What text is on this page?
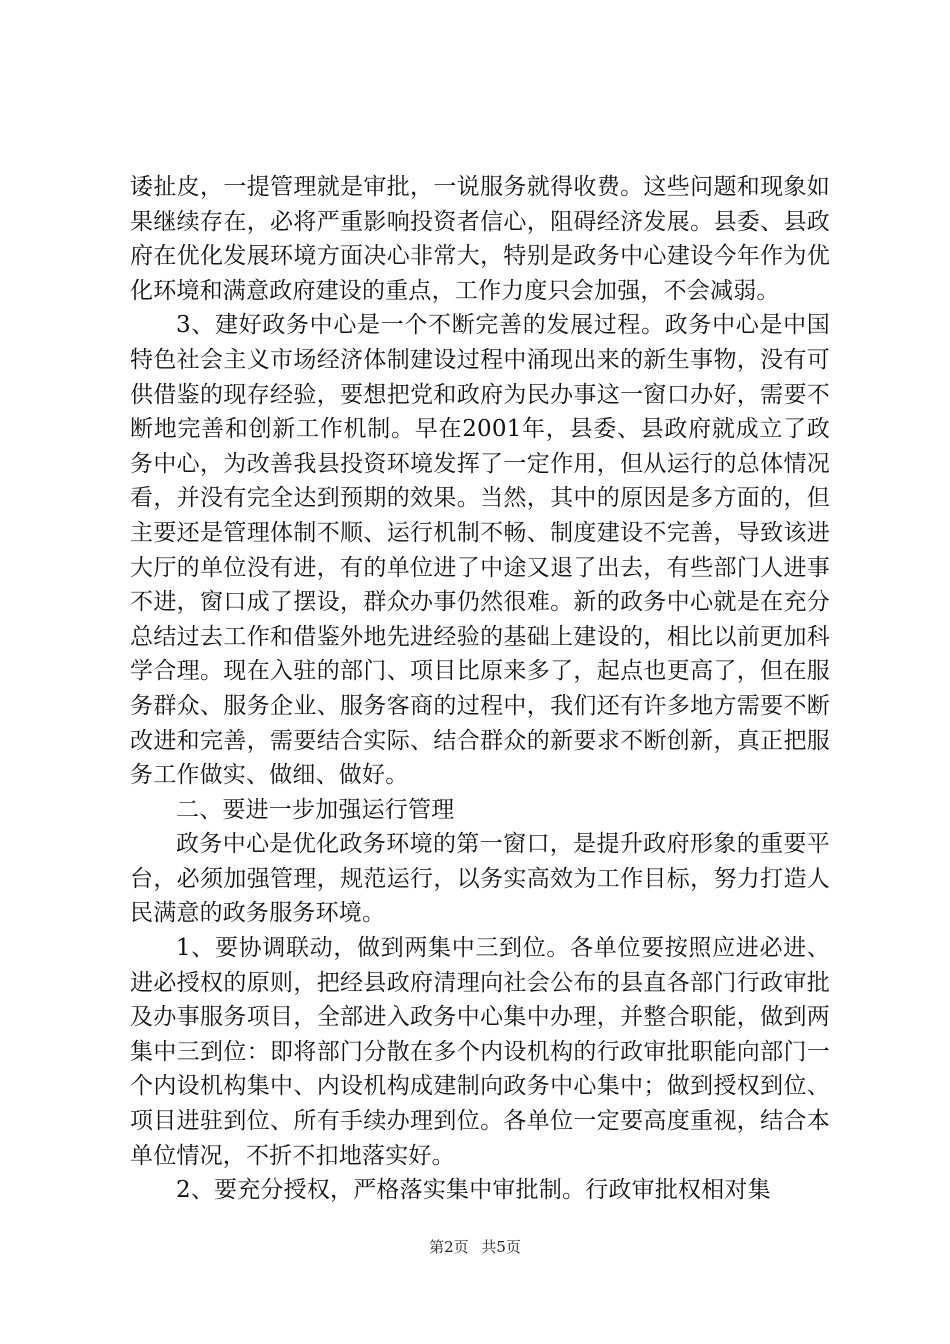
诿扯皮，一提管理就是审批，一说服务就得收费。这些问题和现象如果继续存在，必将严重影响投资者信心，阻碍经济发展。县委、县政府在优化发展环境方面决心非常大，特别是政务中心建设今年作为优化环境和满意政府建设的重点，工作力度只会加强，不会减弱。

3、建好政务中心是一个不断完善的发展过程。政务中心是中国特色社会主义市场经济体制建设过程中涌现出来的新生事物，没有可供借鉴的现存经验，要想把党和政府为民办事这一窗口办好，需要不断地完善和创新工作机制。早在2001年，县委、县政府就成立了政务中心，为改善我县投资环境发挥了一定作用，但从运行的总体情况看，并没有完全达到预期的效果。当然，其中的原因是多方面的，但主要还是管理体制不顺、运行机制不畅、制度建设不完善，导致该进大厅的单位没有进，有的单位进了中途又退了出去，有些部门人进事不进，窗口成了摆设，群众办事仍然很难。新的政务中心就是在充分总结过去工作和借鉴外地先进经验的基础上建设的，相比以前更加科学合理。现在入驻的部门、项目比原来多了，起点也更高了，但在服务群众、服务企业、服务客商的过程中，我们还有许多地方需要不断改进和完善，需要结合实际、结合群众的新要求不断创新，真正把服务工作做实、做细、做好。

二、要进一步加强运行管理

政务中心是优化政务环境的第一窗口，是提升政府形象的重要平台，必须加强管理，规范运行，以务实高效为工作目标，努力打造人民满意的政务服务环境。

1、要协调联动，做到两集中三到位。各单位要按照应进必进、进必授权的原则，把经县政府清理向社会公布的县直各部门行政审批及办事服务项目，全部进入政务中心集中办理，并整合职能，做到两集中三到位：即将部门分散在多个内设机构的行政审批职能向部门一个内设机构集中、内设机构成建制向政务中心集中；做到授权到位、项目进驻到位、所有手续办理到位。各单位一定要高度重视，结合本单位情况，不折不扣地落实好。

2、要充分授权，严格落实集中审批制。行政审批权相对集

第2页 共5页
